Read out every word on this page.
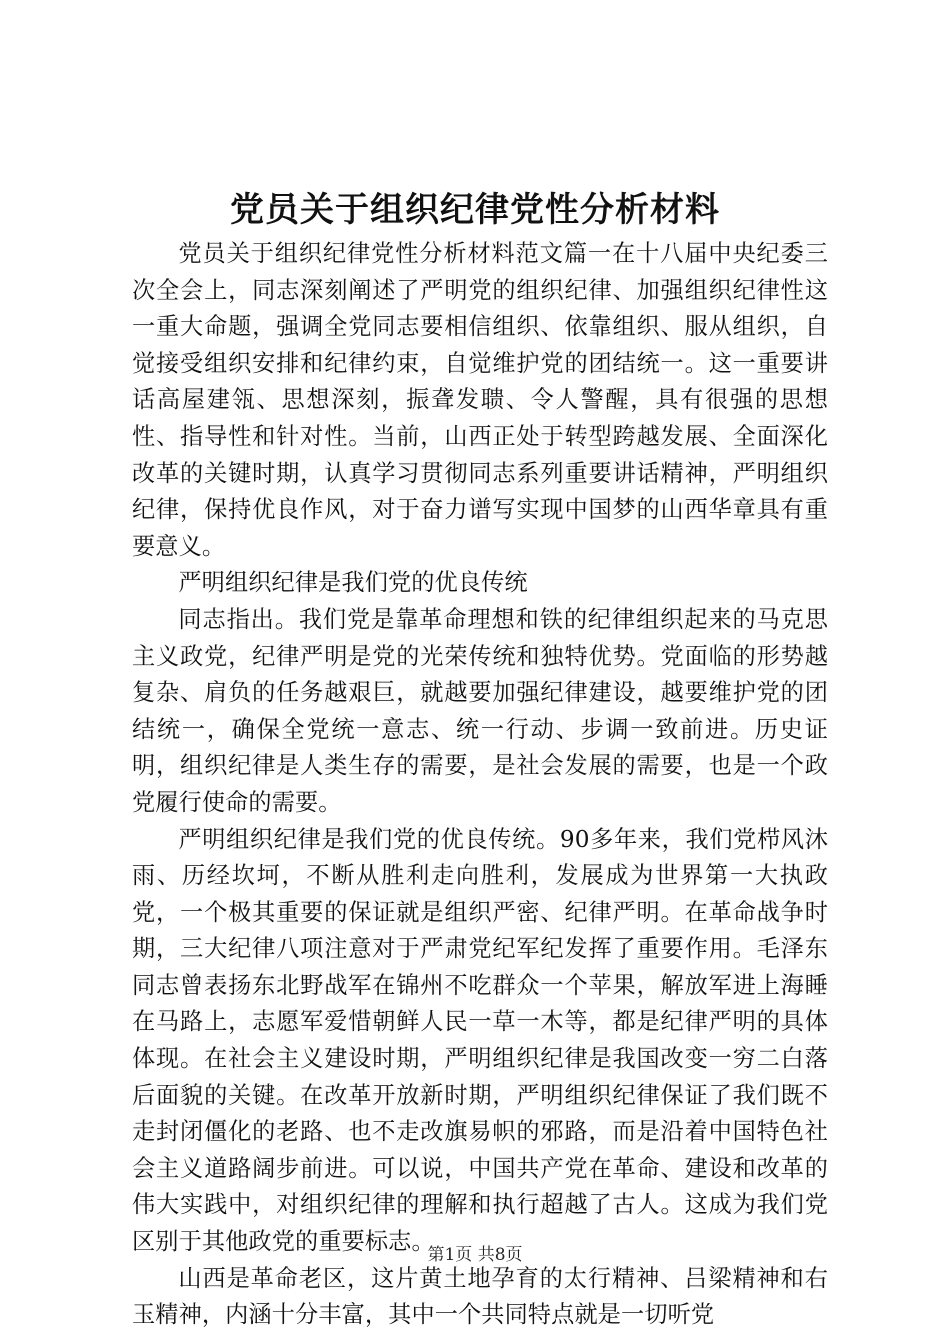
党员关于组织纪律党性分析材料

党员关于组织纪律党性分析材料范文篇一在十八届中央纪委三次全会上，同志深刻阐述了严明党的组织纪律、加强组织纪律性这一重大命题，强调全党同志要相信组织、依靠组织、服从组织，自觉接受组织安排和纪律约束，自觉维护党的团结统一。这一重要讲话高屋建瓴、思想深刻，振聋发聩、令人警醒，具有很强的思想性、指导性和针对性。当前，山西正处于转型跨越发展、全面深化改革的关键时期，认真学习贯彻同志系列重要讲话精神，严明组织纪律，保持优良作风，对于奋力谱写实现中国梦的山西华章具有重要意义。

严明组织纪律是我们党的优良传统

同志指出。我们党是靠革命理想和铁的纪律组织起来的马克思主义政党，纪律严明是党的光荣传统和独特优势。党面临的形势越复杂、肩负的任务越艰巨，就越要加强纪律建设，越要维护党的团结统一，确保全党统一意志、统一行动、步调一致前进。历史证明，组织纪律是人类生存的需要，是社会发展的需要，也是一个政党履行使命的需要。

严明组织纪律是我们党的优良传统。90多年来，我们党栉风沐雨、历经坎坷，不断从胜利走向胜利，发展成为世界第一大执政党，一个极其重要的保证就是组织严密、纪律严明。在革命战争时期，三大纪律八项注意对于严肃党纪军纪发挥了重要作用。毛泽东同志曾表扬东北野战军在锦州不吃群众一个苹果，解放军进上海睡在马路上，志愿军爱惜朝鲜人民一草一木等，都是纪律严明的具体体现。在社会主义建设时期，严明组织纪律是我国改变一穷二白落后面貌的关键。在改革开放新时期，严明组织纪律保证了我们既不走封闭僵化的老路、也不走改旗易帜的邪路，而是沿着中国特色社会主义道路阔步前进。可以说，中国共产党在革命、建设和改革的伟大实践中，对组织纪律的理解和执行超越了古人。这成为我们党区别于其他政党的重要标志。

山西是革命老区，这片黄土地孕育的太行精神、吕梁精神和右玉精神，内涵十分丰富，其中一个共同特点就是一切听党

第1页 共8页
